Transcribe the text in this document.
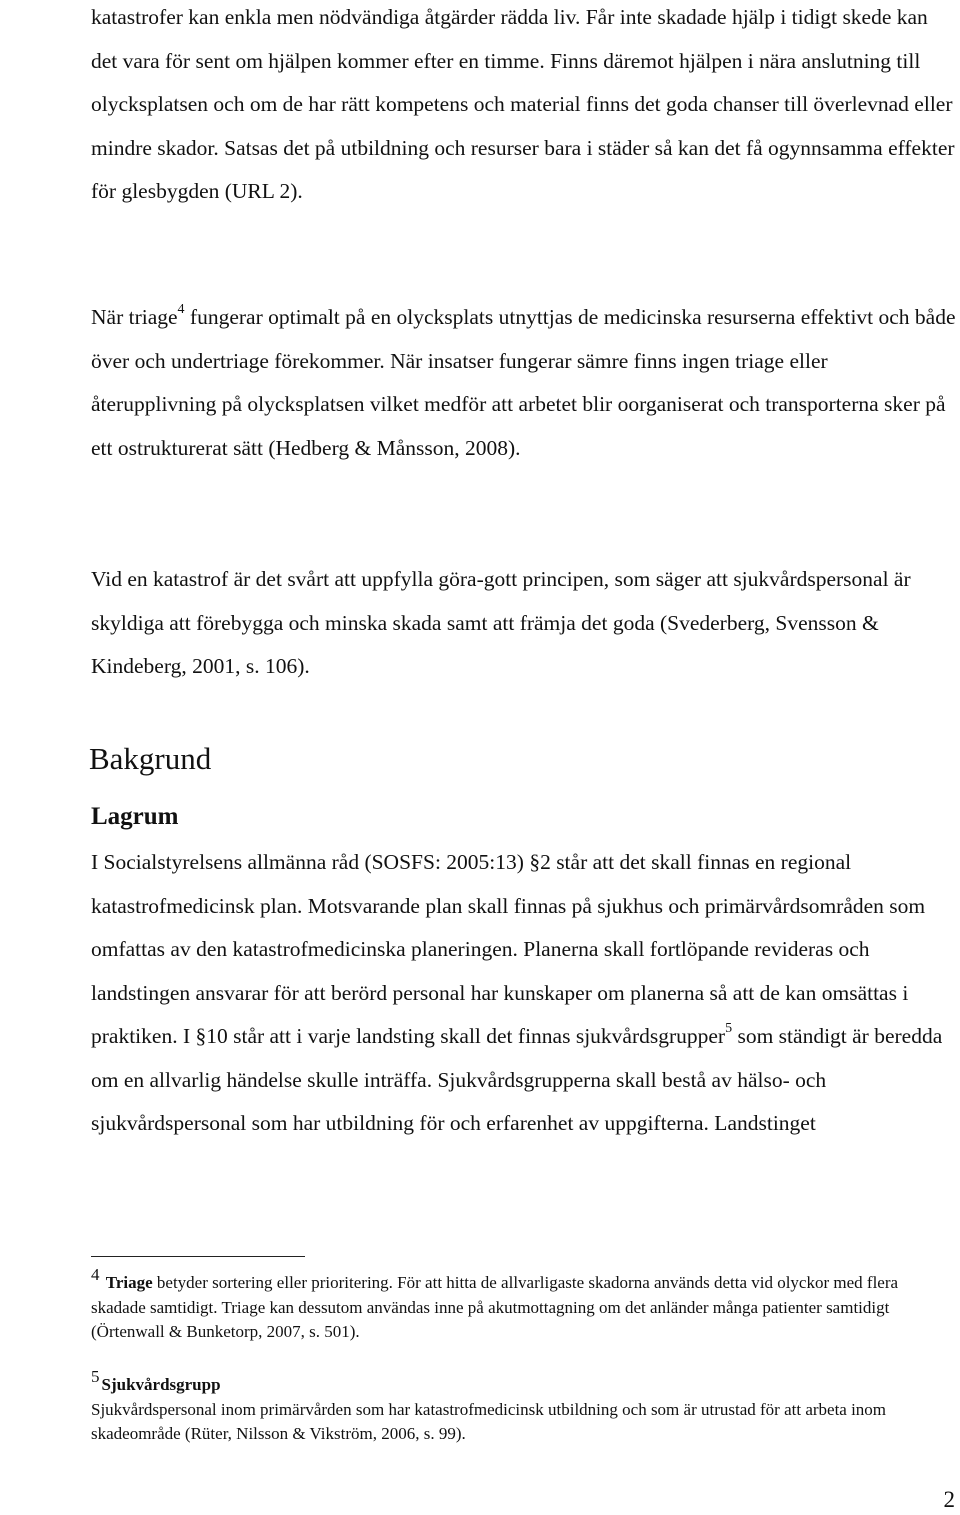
katastrofer kan enkla men nödvändiga åtgärder rädda liv. Får inte skadade hjälp i tidigt skede kan det vara för sent om hjälpen kommer efter en timme. Finns däremot hjälpen i nära anslutning till olycksplatsen och om de har rätt kompetens och material finns det goda chanser till överlevnad eller mindre skador. Satsas det på utbildning och resurser bara i städer så kan det få ogynnsamma effekter för glesbygden (URL 2).

När triage$^4$ fungerar optimalt på en olycksplats utnyttjas de medicinska resurserna effektivt och både över och undertriage förekommer. När insatser fungerar sämre finns ingen triage eller återupplivning på olycksplatsen vilket medför att arbetet blir oorganiserat och transporterna sker på ett ostrukturerat sätt (Hedberg & Månsson, 2008).

Vid en katastrof är det svårt att uppfylla göra-gott principen, som säger att sjukvårdspersonal är skyldiga att förebygga och minska skada samt att främja det goda (Svederberg, Svensson & Kindeberg, 2001, s. 106).

Bakgrund
Lagrum

I Socialstyrelsens allmänna råd (SOSFS: 2005:13) §2 står att det skall finnas en regional katastrofmedicinsk plan. Motsvarande plan skall finnas på sjukhus och primärvårdsområden som omfattas av den katastrofmedicinska planeringen. Planerna skall fortlöpande revideras och landstingen ansvarar för att berörd personal har kunskaper om planerna så att de kan omsättas i praktiken. I §10 står att i varje landsting skall det finnas sjukvårdsgrupper$^5$ som ständigt är beredda om en allvarlig händelse skulle inträffa. Sjukvårdsgrupperna skall bestå av hälso- och sjukvårdspersonal som har utbildning för och erfarenhet av uppgifterna. Landstinget

4 Triage betyder sortering eller prioritering. För att hitta de allvarligaste skadorna används detta vid olyckor med flera skadade samtidigt. Triage kan dessutom användas inne på akutmottagning om det anländer många patienter samtidigt (Örtenwall & Bunketorp, 2007, s. 501).

5 Sjukvårdsgrupp
Sjukvårdspersonal inom primärvården som har katastrofmedicinsk utbildning och som är utrustad för att arbeta inom skadeområde (Rüter, Nilsson & Vikström, 2006, s. 99).

2
